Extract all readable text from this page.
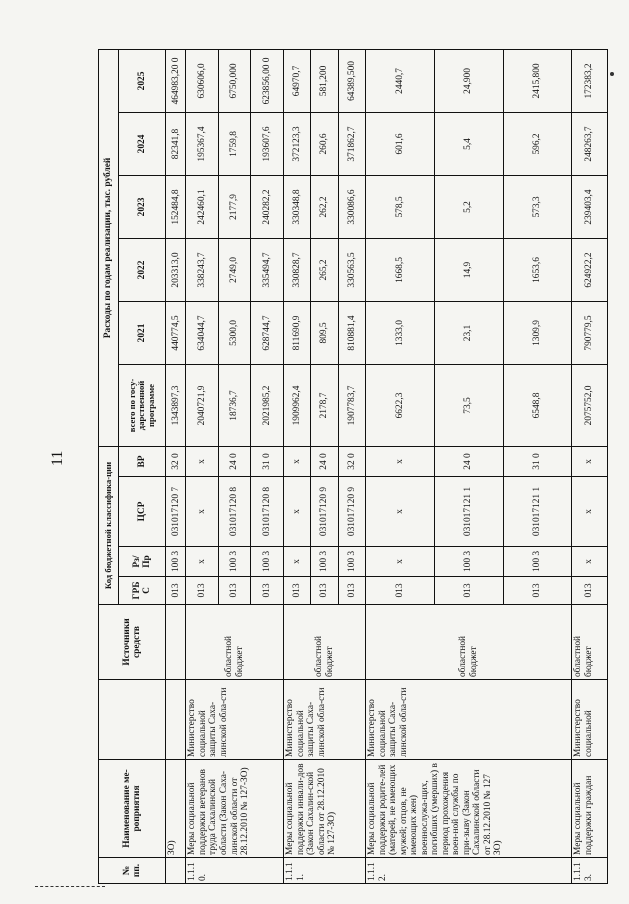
11
№ пп.	Наименование ме-роприятия		Источники средств	Код бюджетной классифика-ции				Расходы по годам реализации, тыс. рублей					
				ГРБ С	Рз/ Пр	ЦСР	ВР	всего по госу-дарственной программе	2021	2022	2023	2024	2025
	ЗО)			013	100 3	031017120 7	32 0	1343897,3	440774,5	203313,0	152484,8	82341,8	464983,20 0
1.1.1 0.	Меры социальной поддержки ветеранов труда Сахалинской области (Закон Саха-линской области от 28.12.2010 № 127-ЗО)	Министерство социальной защиты Саха-линской обла-сти	областной бюджет	013	х	х	х	2040721,9	634044,7	338243,7	242460,1	195367,4	630606,0
				013	100 3	031017120 8	24 0	18736,7	5300,0	2749,0	2177,9	1759,8	6750,000
				013	100 3	031017120 8	31 0	2021985,2	628744,7	335494,7	240282,2	193607,6	623856,00 0
1.1.1 1.	Меры социальной поддержки инвали-дов (Закон Сахалин-ской области от 28.12.2010 № 127-ЗО)	Министерство социальной защиты Саха-линской обла-сти	областной бюджет	013	х	х	х	1909962,4	811690,9	330828,7	330348,8	372123,3	64970,7
				013	100 3	031017120 9	24 0	2178,7	809,5	265,2	262,2	260,6	581,200
				013	100 3	031017120 9	32 0	1907783,7	810881,4	330563,5	330086,6	371862,7	64389,500
1.1.1 2.	Меры социальной поддержки родите-лей (матерей, не имеющих мужей; отцов, не имеющих жен) военнослужа-щих, погибших (умерших) в период прохождения воен-ной службы по при-зыву (Закон Сахалинской области от 28.12.2010 № 127 ЗО)	Министерство социальной защиты Саха-линской обла-сти	областной бюджет	013	х	х	х	6622,3	1333,0	1668,5	578,5	601,6	2440,7
				013	100 3	031017121 1	24 0	73,5	23,1	14,9	5,2	5,4	24,900
				013	100 3	031017121 1	31 0	6548,8	1309,9	1653,6	573,3	596,2	2415,800
1.1.1 3.	Меры социальной поддержки граждан	Министерство социальной	областной бюджет	013	х	х	х	2075752,0	790779,5	624922,2	239403,4	248263,7	172383,2
